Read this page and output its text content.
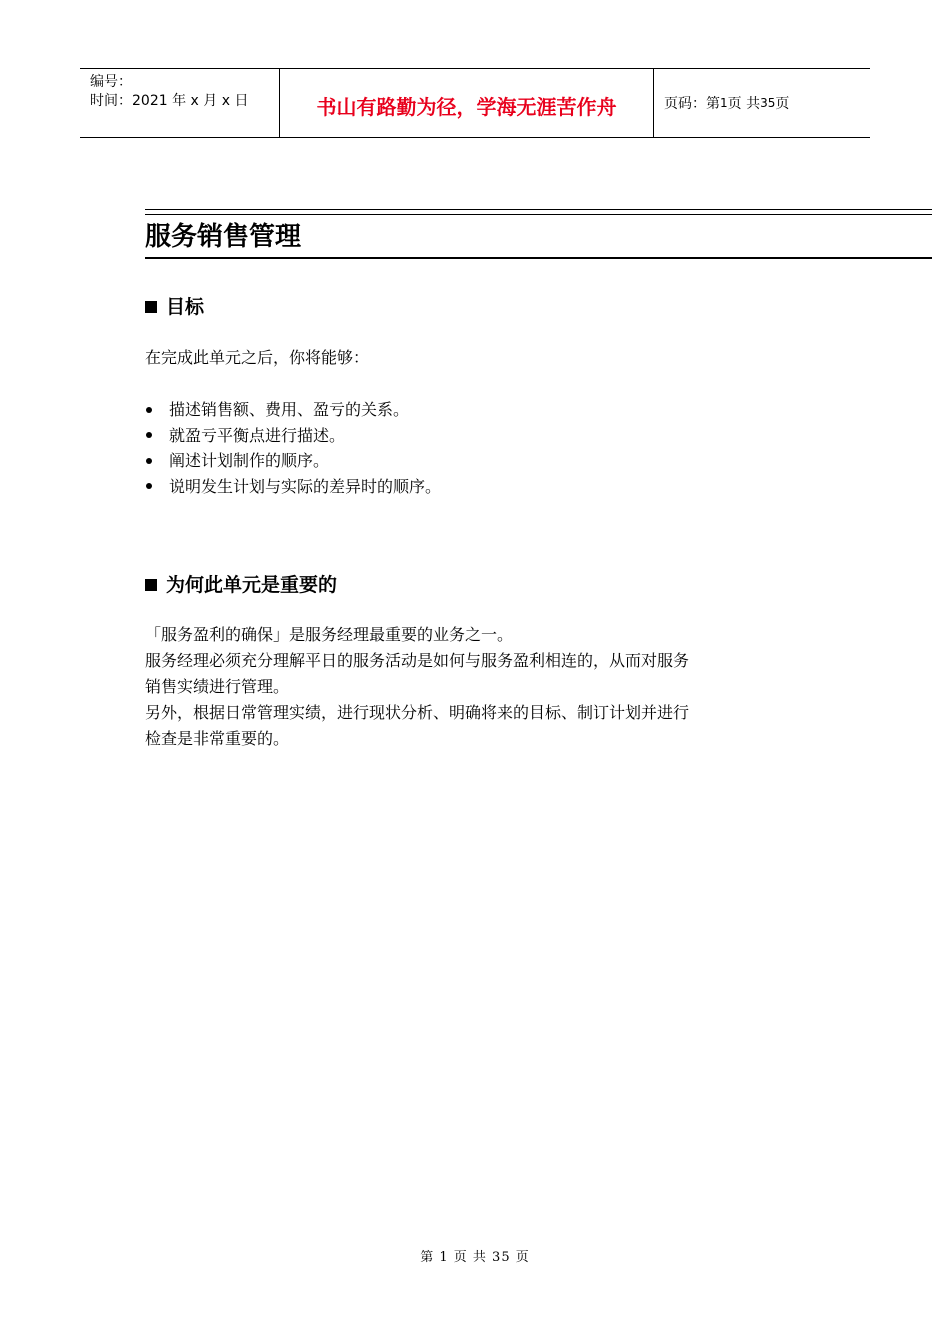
编号：
时间：2021 年 x 月 x 日	书山有路勤为径，学海无涯苦作舟	页码：第 1 页 共 35 页
服务销售管理
目标

在完成此单元之后，你将能够：

描述销售额、费用、盈亏的关系。
就盈亏平衡点进行描述。
阐述计划制作的顺序。
说明发生计划与实际的差异时的顺序。
为何此单元是重要的
「服务盈利的确保」是服务经理最重要的业务之一。
服务经理必须充分理解平日的服务活动是如何与服务盈利相连的，从而对服务
销售实绩进行管理。
另外，根据日常管理实绩，进行现状分析、明确将来的目标、制订计划并进行
检查是非常重要的。
第 1 页 共 35 页
